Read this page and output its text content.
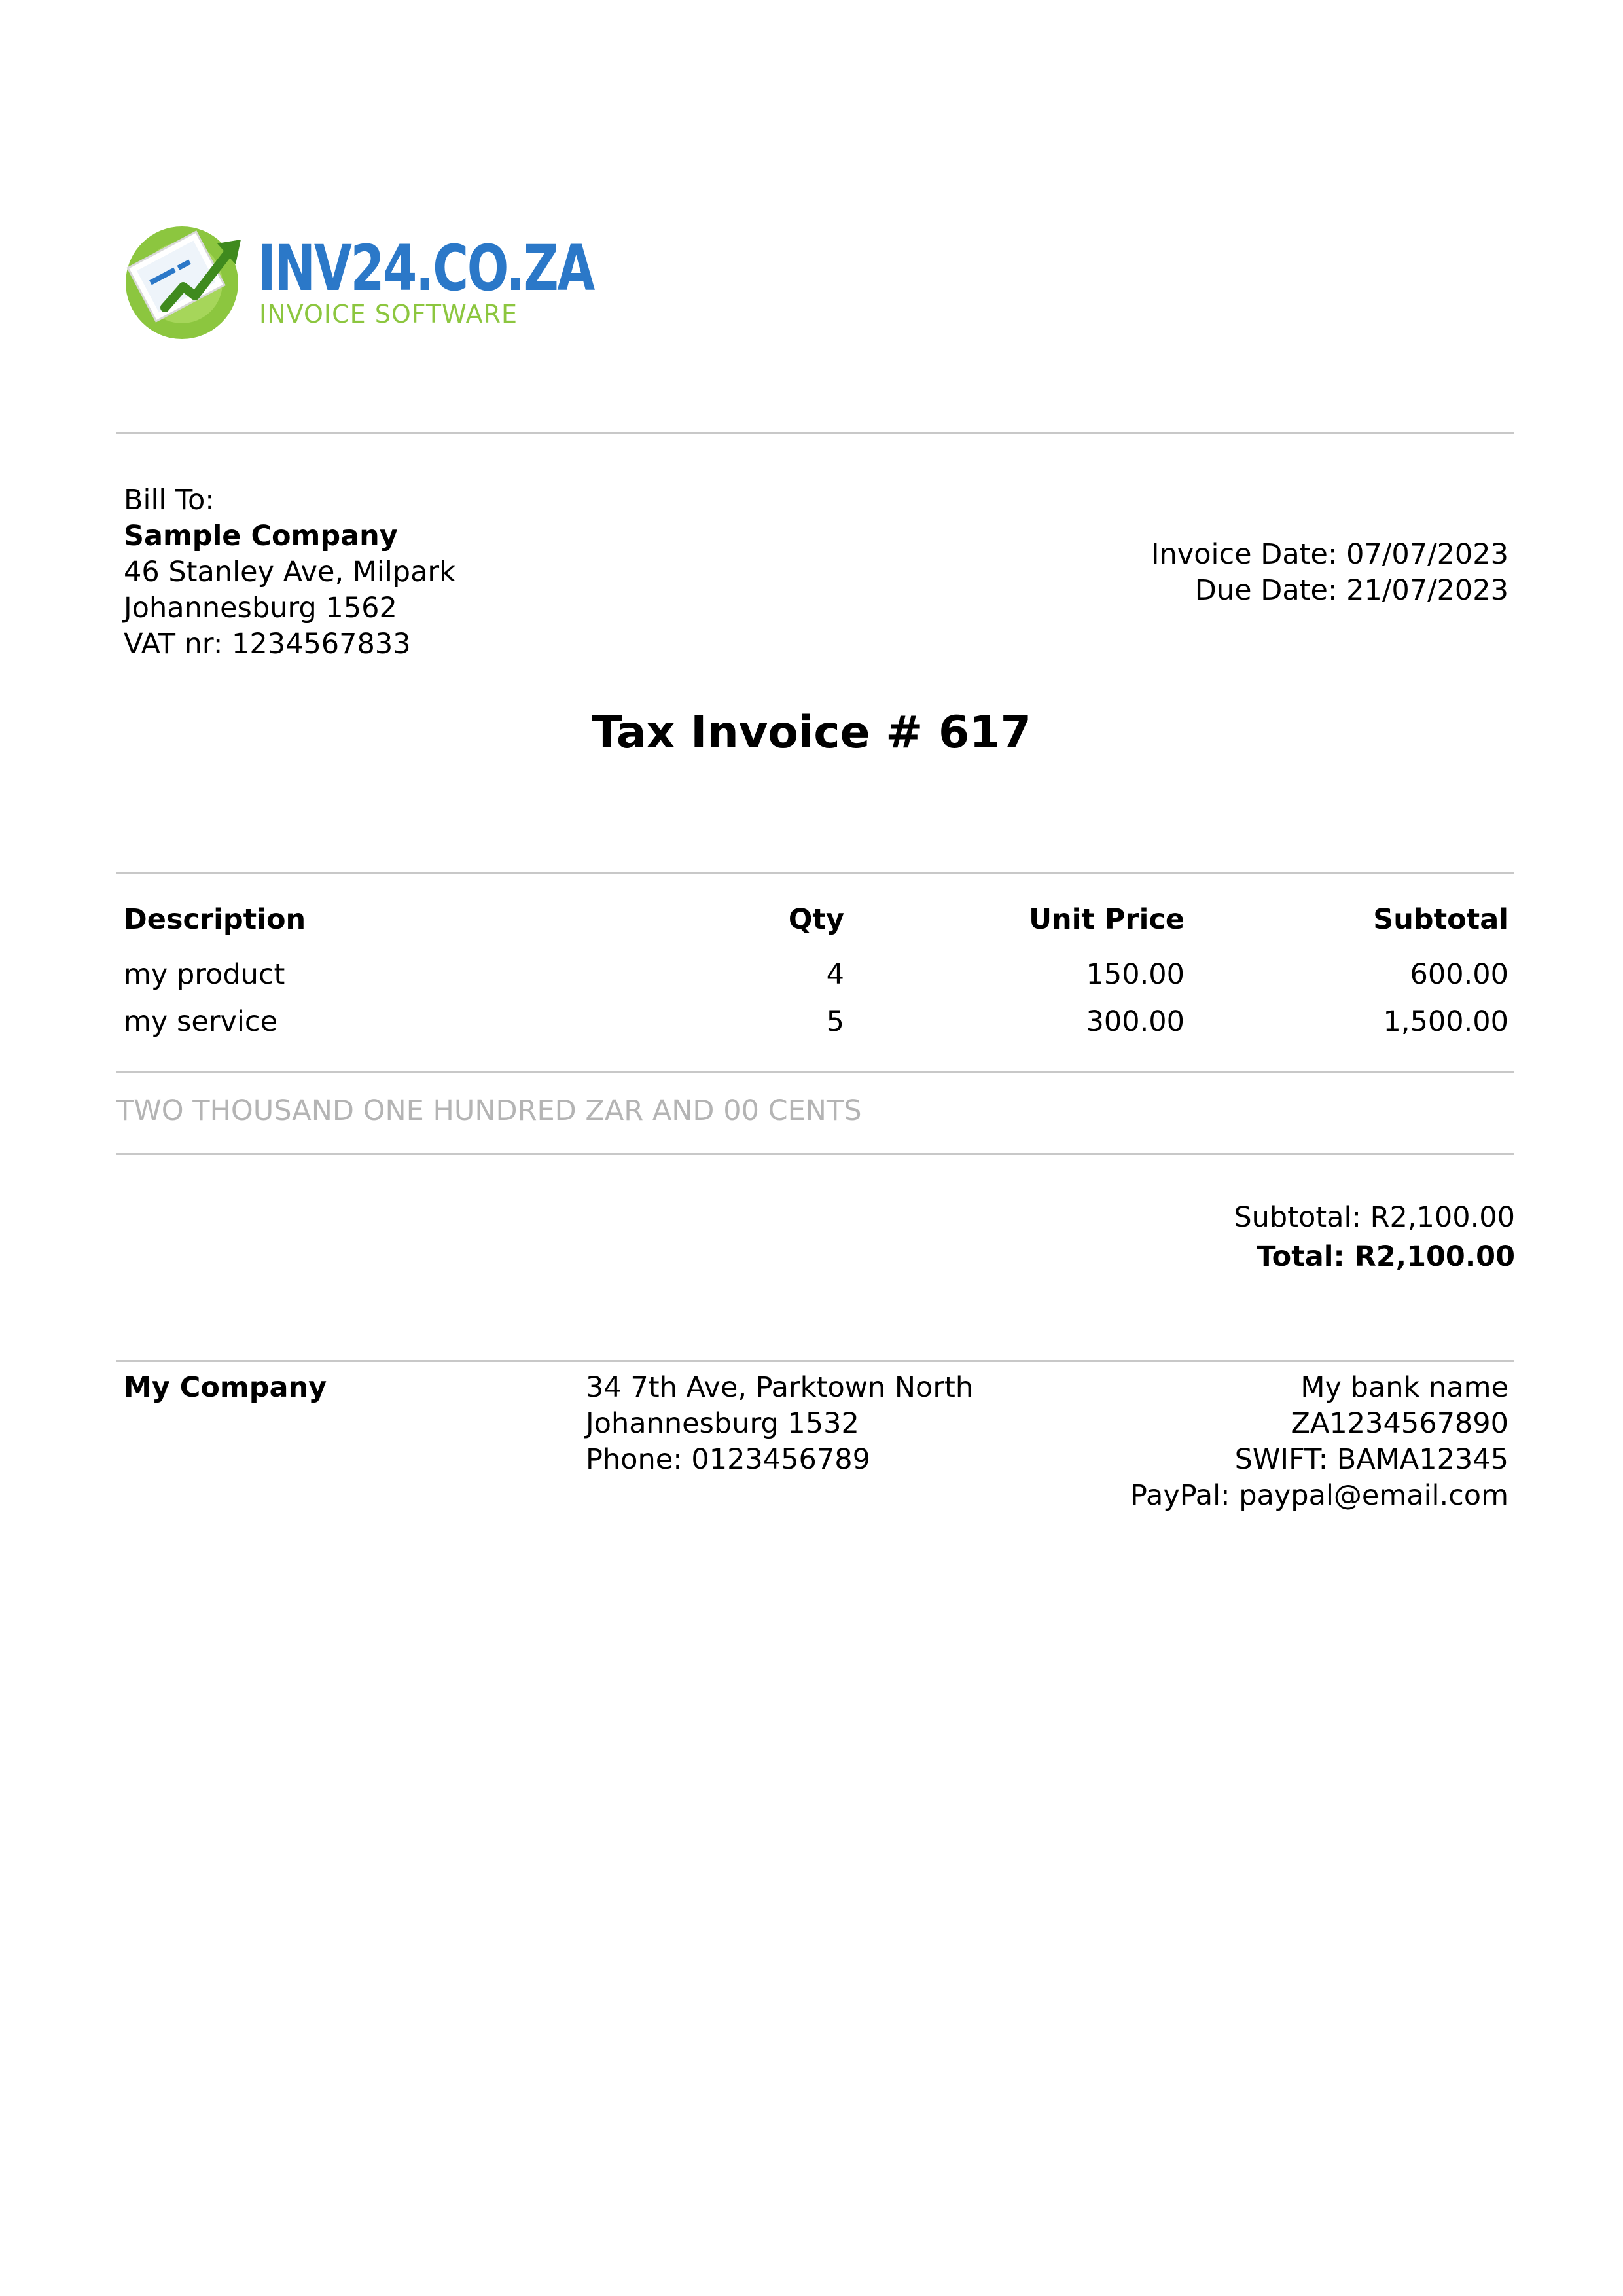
INV24.CO.ZA
INVOICE SOFTWARE
Bill To:
Sample Company
46 Stanley Ave, Milpark
Johannesburg 1562
VAT nr: 1234567833
Invoice Date: 07/07/2023
Due Date: 21/07/2023
Tax Invoice # 617
Description	Qty	Unit Price	Subtotal
my product	4	150.00	600.00
my service	5	300.00	1,500.00
TWO THOUSAND ONE HUNDRED ZAR AND 00 CENTS
Subtotal: R2,100.00
Total: R2,100.00
My Company	34 7th Ave, Parktown North
Johannesburg 1532
Phone: 0123456789
My bank name
ZA1234567890
SWIFT: BAMA12345
PayPal: paypal@email.com
